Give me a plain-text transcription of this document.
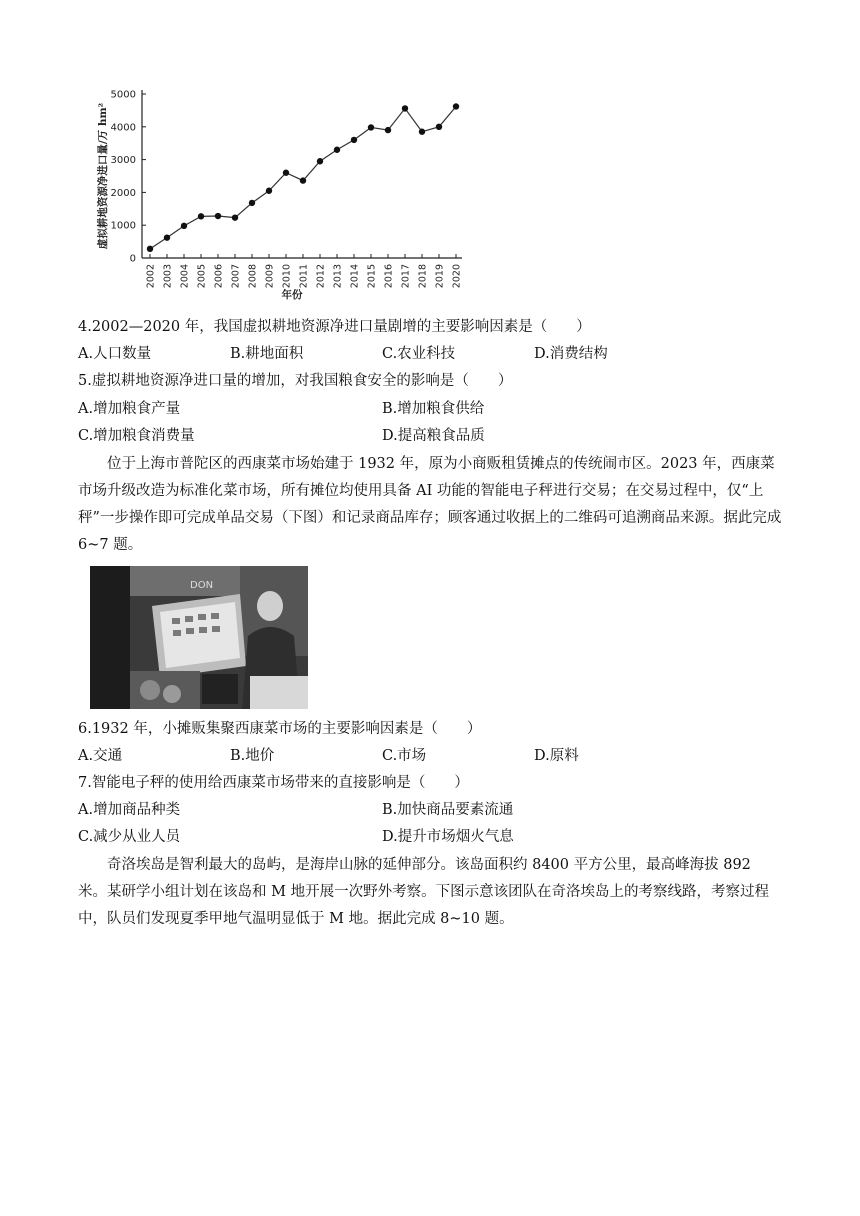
0
1000
2000
3000
4000
5000
2002 2003 2004 2005 2006 2007 2008 2009 2010 2011 2012 2013 2014 2015 2016 2017 2018 2019 2020
虚拟耕地资源净进口量/万 hm²
年份
4.2002—2020 年，我国虚拟耕地资源净进口量剧增的主要影响因素是（　　）
A.人口数量	B.耕地面积	C.农业科技	D.消费结构
5.虚拟耕地资源净进口量的增加，对我国粮食安全的影响是（　　）
A.增加粮食产量	B.增加粮食供给
C.增加粮食消费量	D.提高粮食品质

位于上海市普陀区的西康菜市场始建于 1932 年，原为小商贩租赁摊点的传统闹市区。2023 年，西康菜市场升级改造为标准化菜市场，所有摊位均使用具备 AI 功能的智能电子秤进行交易；在交易过程中，仅“上秤”一步操作即可完成单品交易（下图）和记录商品库存；顾客通过收据上的二维码可追溯商品来源。据此完成 6~7 题。

DON
6.1932 年，小摊贩集聚西康菜市场的主要影响因素是（　　）
A.交通	B.地价	C.市场	D.原料
7.智能电子秤的使用给西康菜市场带来的直接影响是（　　）
A.增加商品种类	B.加快商品要素流通
C.减少从业人员	D.提升市场烟火气息

奇洛埃岛是智利最大的岛屿，是海岸山脉的延伸部分。该岛面积约 8400 平方公里，最高峰海拔 892 米。某研学小组计划在该岛和 M 地开展一次野外考察。下图示意该团队在奇洛埃岛上的考察线路，考察过程中，队员们发现夏季甲地气温明显低于 M 地。据此完成 8~10 题。
